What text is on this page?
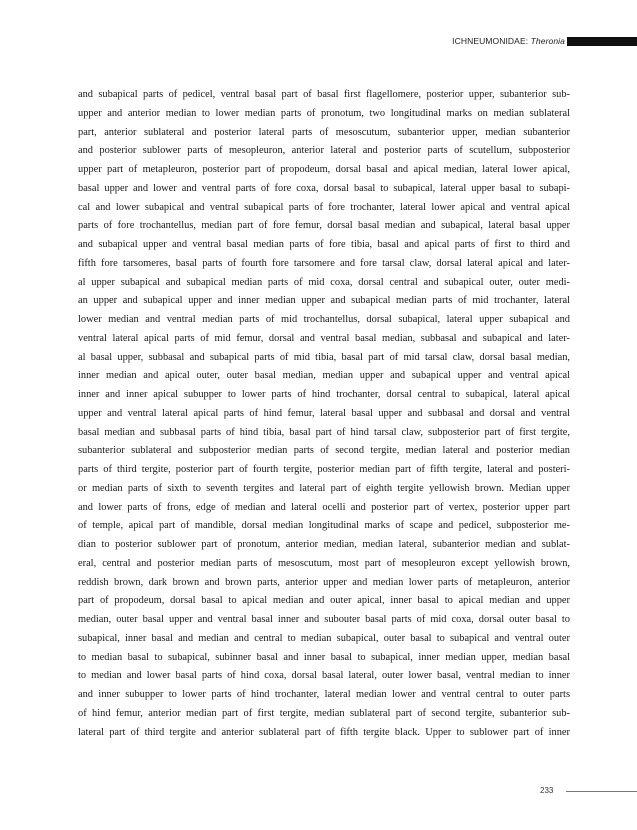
ICHNEUMONIDAE: Theronia
and subapical parts of pedicel, ventral basal part of basal first flagellomere, posterior upper, subanterior sub-
upper and anterior median to lower median parts of pronotum, two longitudinal marks on median sublateral
part, anterior sublateral and posterior lateral parts of mesoscutum, subanterior upper, median subanterior
and posterior sublower parts of mesopleuron, anterior lateral and posterior parts of scutellum, subposterior
upper part of metapleuron, posterior part of propodeum, dorsal basal and apical median, lateral lower apical,
basal upper and lower and ventral parts of fore coxa, dorsal basal to subapical, lateral upper basal to subapi-
cal and lower subapical and ventral subapical parts of fore trochanter, lateral lower apical and ventral apical
parts of fore trochantellus, median part of fore femur, dorsal basal median and subapical, lateral basal upper
and subapical upper and ventral basal median parts of fore tibia, basal and apical parts of first to third and
fifth fore tarsomeres, basal parts of fourth fore tarsomere and fore tarsal claw, dorsal lateral apical and later-
al upper subapical and subapical median parts of mid coxa, dorsal central and subapical outer, outer medi-
an upper and subapical upper and inner median upper and subapical median parts of mid trochanter, lateral
lower median and ventral median parts of mid trochantellus, dorsal subapical, lateral upper subapical and
ventral lateral apical parts of mid femur, dorsal and ventral basal median, subbasal and subapical and later-
al basal upper, subbasal and subapical parts of mid tibia, basal part of mid tarsal claw, dorsal basal median,
inner median and apical outer, outer basal median, median upper and subapical upper and ventral apical
inner and inner apical subupper to lower parts of hind trochanter, dorsal central to subapical, lateral apical
upper and ventral lateral apical parts of hind femur, lateral basal upper and subbasal and dorsal and ventral
basal median and subbasal parts of hind tibia, basal part of hind tarsal claw, subposterior part of first tergite,
subanterior sublateral and subposterior median parts of second tergite, median lateral and posterior median
parts of third tergite, posterior part of fourth tergite, posterior median part of fifth tergite, lateral and posteri-
or median parts of sixth to seventh tergites and lateral part of eighth tergite yellowish brown. Median upper
and lower parts of frons, edge of median and lateral ocelli and posterior part of vertex, posterior upper part
of temple, apical part of mandible, dorsal median longitudinal marks of scape and pedicel, subposterior me-
dian to posterior sublower part of pronotum, anterior median, median lateral, subanterior median and sublat-
eral, central and posterior median parts of mesoscutum, most part of mesopleuron except yellowish brown,
reddish brown, dark brown and brown parts, anterior upper and median lower parts of metapleuron, anterior
part of propodeum, dorsal basal to apical median and outer apical, inner basal to apical median and upper
median, outer basal upper and ventral basal inner and subouter basal parts of mid coxa, dorsal outer basal to
subapical, inner basal and median and central to median subapical, outer basal to subapical and ventral outer
to median basal to subapical, subinner basal and inner basal to subapical, inner median upper, median basal
to median and lower basal parts of hind coxa, dorsal basal lateral, outer lower basal, ventral median to inner
and inner subupper to lower parts of hind trochanter, lateral median lower and ventral central to outer parts
of hind femur, anterior median part of first tergite, median sublateral part of second tergite, subanterior sub-
lateral part of third tergite and anterior sublateral part of fifth tergite black. Upper to sublower part of inner
233
